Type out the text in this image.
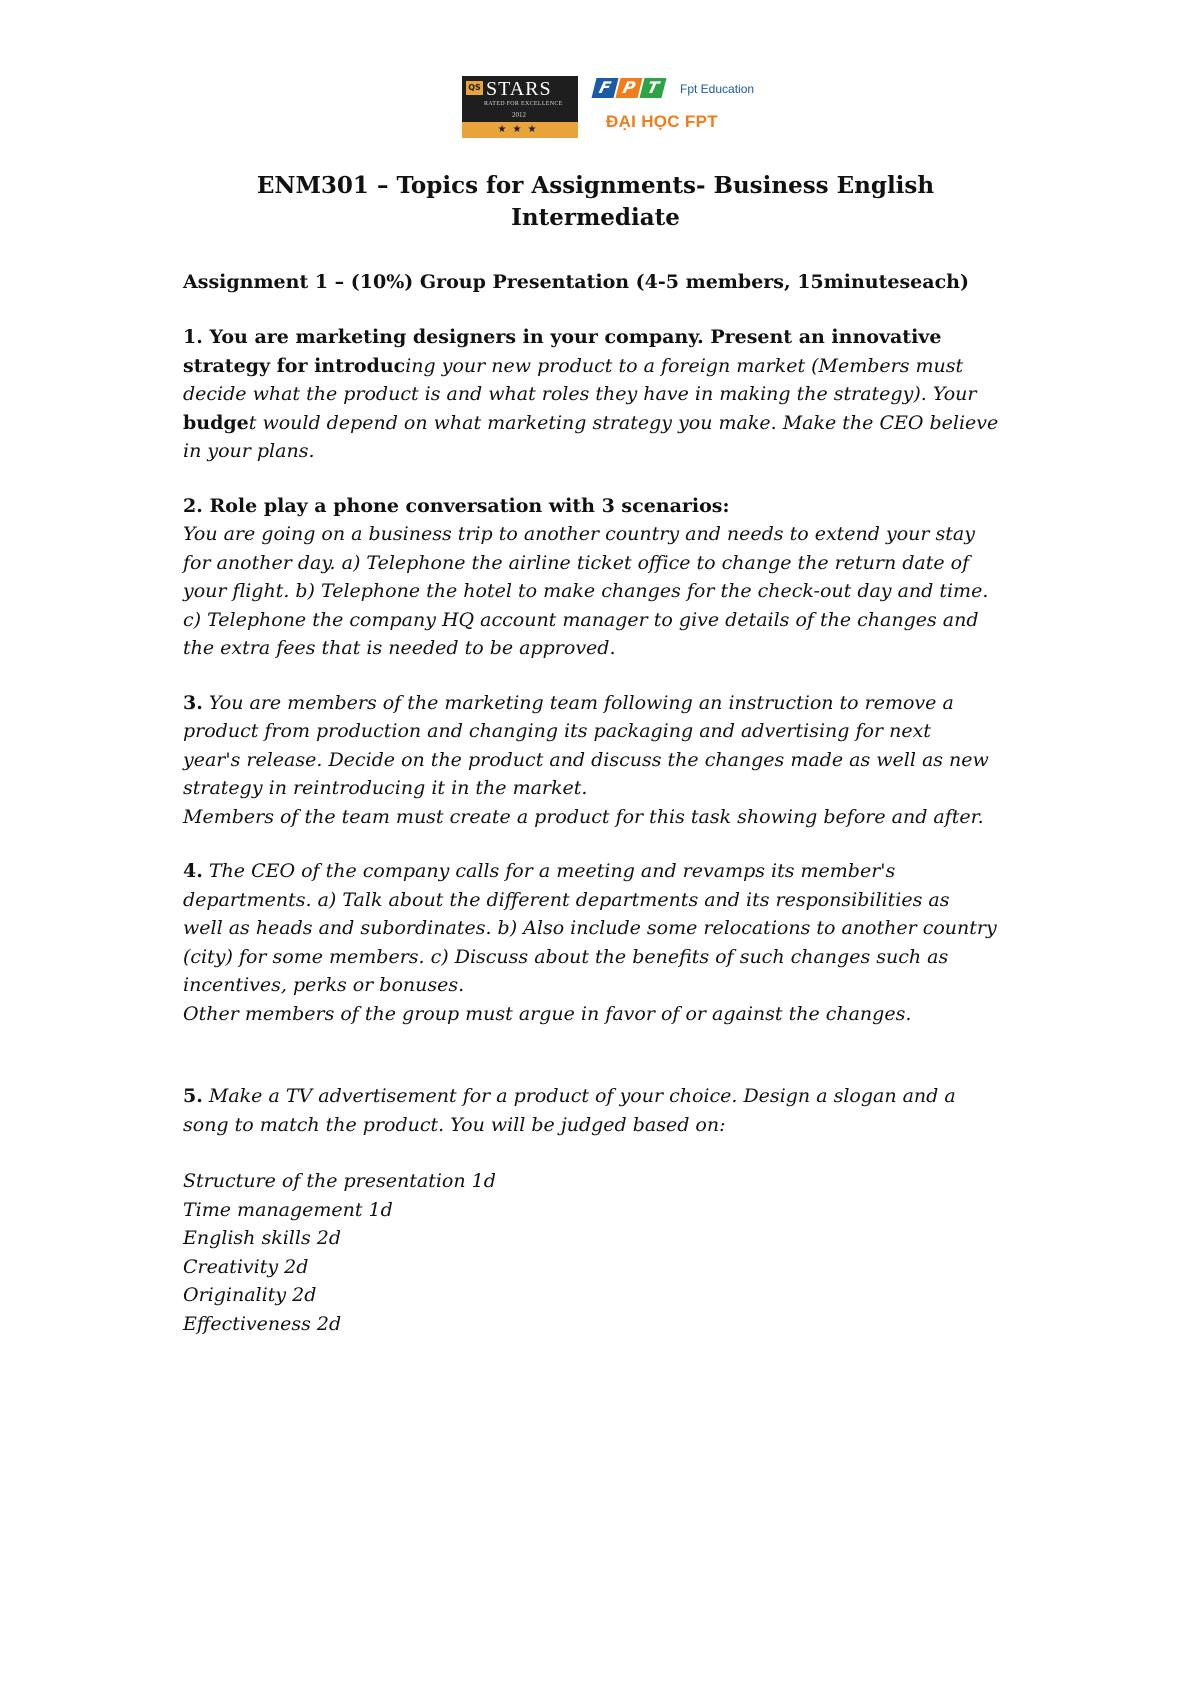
QS STARS
RATED FOR EXCELLENCE
2012
★★★
F P T	Fpt Education
ĐẠI HỌC FPT
ENM301 – Topics for Assignments- Business English
Intermediate

Assignment 1 – (10%) Group Presentation (4-5 members, 15minuteseach)

1. You are marketing designers in your company. Present an innovative
strategy for introducing your new product to a foreign market (Members must
decide what the product is and what roles they have in making the strategy). Your
budget would depend on what marketing strategy you make. Make the CEO believe
in your plans.
2. Role play a phone conversation with 3 scenarios:
You are going on a business trip to another country and needs to extend your stay
for another day. a) Telephone the airline ticket office to change the return date of
your flight. b) Telephone the hotel to make changes for the check-out day and time.
c) Telephone the company HQ account manager to give details of the changes and
the extra fees that is needed to be approved.
3. You are members of the marketing team following an instruction to remove a
product from production and changing its packaging and advertising for next
year's release. Decide on the product and discuss the changes made as well as new
strategy in reintroducing it in the market.
Members of the team must create a product for this task showing before and after.
4. The CEO of the company calls for a meeting and revamps its member's
departments. a) Talk about the different departments and its responsibilities as
well as heads and subordinates. b) Also include some relocations to another country
(city) for some members. c) Discuss about the benefits of such changes such as
incentives, perks or bonuses.
Other members of the group must argue in favor of or against the changes.
5. Make a TV advertisement for a product of your choice. Design a slogan and a
song to match the product. You will be judged based on:
Structure of the presentation 1d
Time management 1d
English skills 2d
Creativity 2d
Originality 2d
Effectiveness 2d
